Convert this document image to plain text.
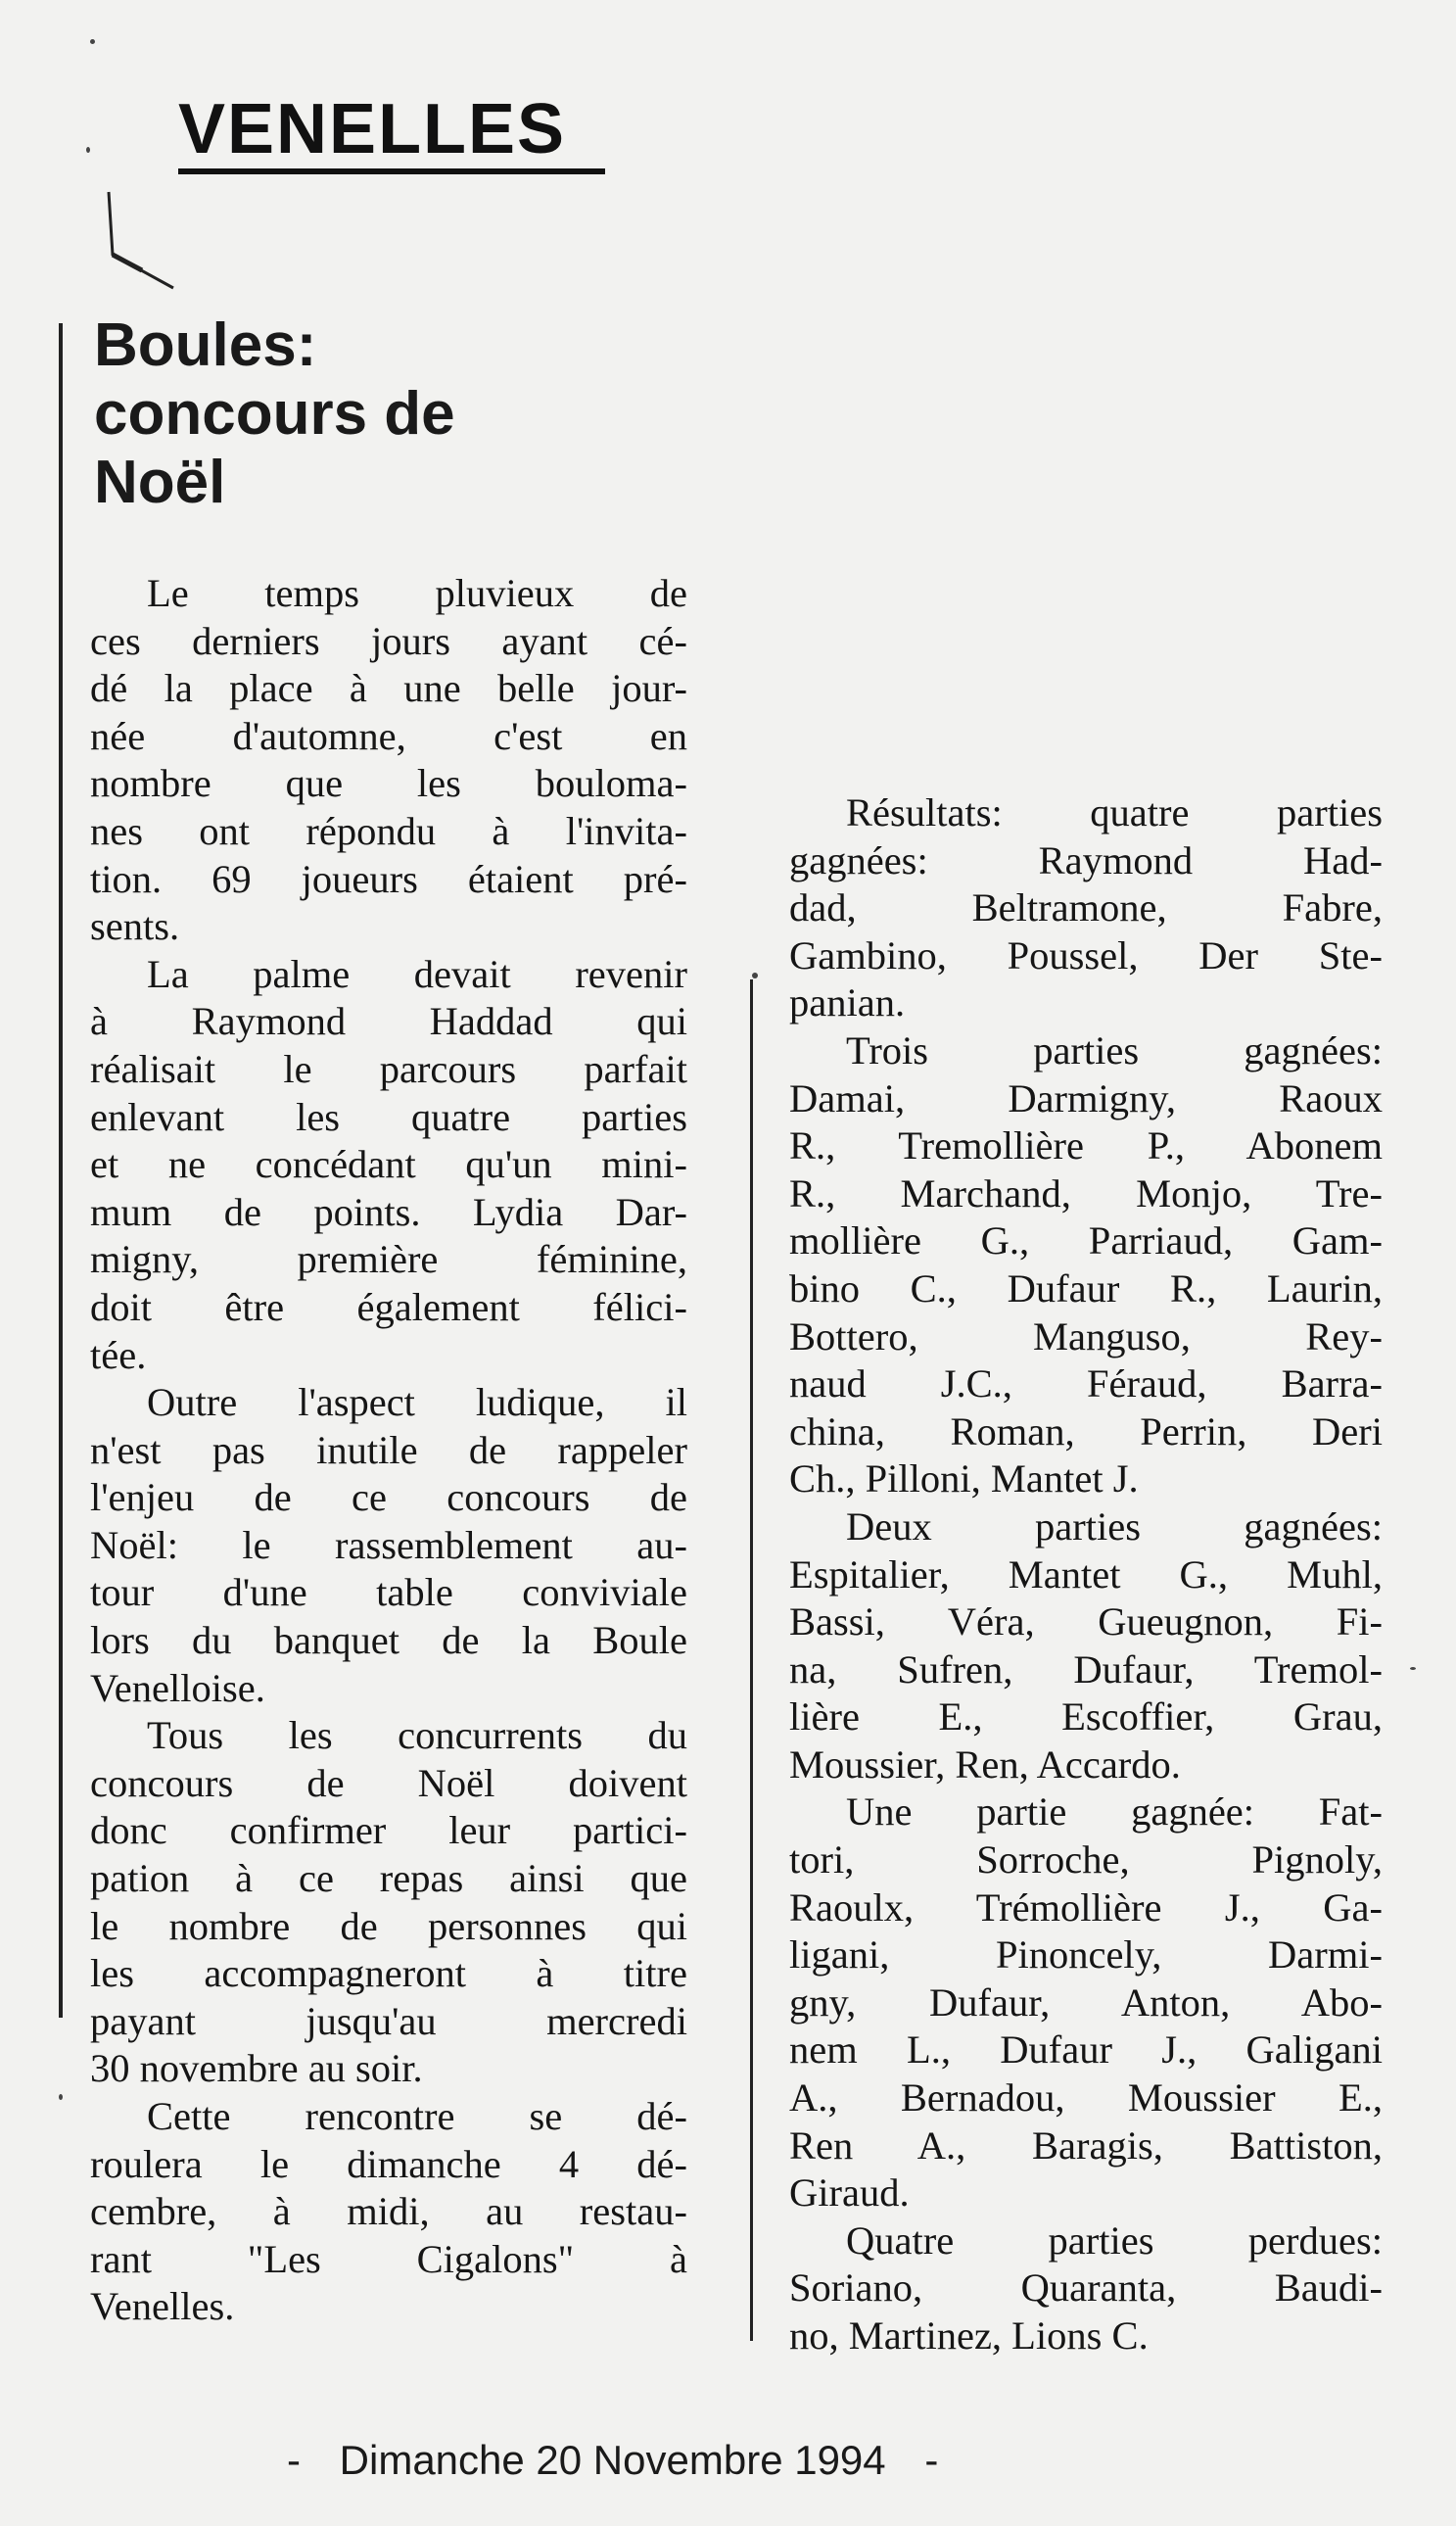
VENELLES
Boules:
concours de
Noël
Le temps pluvieux de
ces derniers jours ayant cé-
dé la place à une belle jour-
née d'automne, c'est en
nombre que les bouloma-
nes ont répondu à l'invita-
tion. 69 joueurs étaient pré-
sents.
La palme devait revenir
à Raymond Haddad qui
réalisait le parcours parfait
enlevant les quatre parties
et ne concédant qu'un mini-
mum de points. Lydia Dar-
migny, première féminine,
doit être également félici-
tée.
Outre l'aspect ludique, il
n'est pas inutile de rappeler
l'enjeu de ce concours de
Noël: le rassemblement au-
tour d'une table conviviale
lors du banquet de la Boule
Venelloise.
Tous les concurrents du
concours de Noël doivent
donc confirmer leur partici-
pation à ce repas ainsi que
le nombre de personnes qui
les accompagneront à titre
payant jusqu'au mercredi
30 novembre au soir.
Cette rencontre se dé-
roulera le dimanche 4 dé-
cembre, à midi, au restau-
rant "Les Cigalons" à
Venelles.
Résultats: quatre parties
gagnées: Raymond Had-
dad, Beltramone, Fabre,
Gambino, Poussel, Der Ste-
panian.
Trois parties gagnées:
Damai, Darmigny, Raoux
R., Tremollière P., Abonem
R., Marchand, Monjo, Tre-
mollière G., Parriaud, Gam-
bino C., Dufaur R., Laurin,
Bottero, Manguso, Rey-
naud J.C., Féraud, Barra-
china, Roman, Perrin, Deri
Ch., Pilloni, Mantet J.
Deux parties gagnées:
Espitalier, Mantet G., Muhl,
Bassi, Véra, Gueugnon, Fi-
na, Sufren, Dufaur, Tremol-
lière E., Escoffier, Grau,
Moussier, Ren, Accardo.
Une partie gagnée: Fat-
tori, Sorroche, Pignoly,
Raoulx, Trémollière J., Ga-
ligani, Pinoncely, Darmi-
gny, Dufaur, Anton, Abo-
nem L., Dufaur J., Galigani
A., Bernadou, Moussier E.,
Ren A., Baragis, Battiston,
Giraud.
Quatre parties perdues:
Soriano, Quaranta, Baudi-
no, Martinez, Lions C.
- Dimanche 20 Novembre 1994 -
